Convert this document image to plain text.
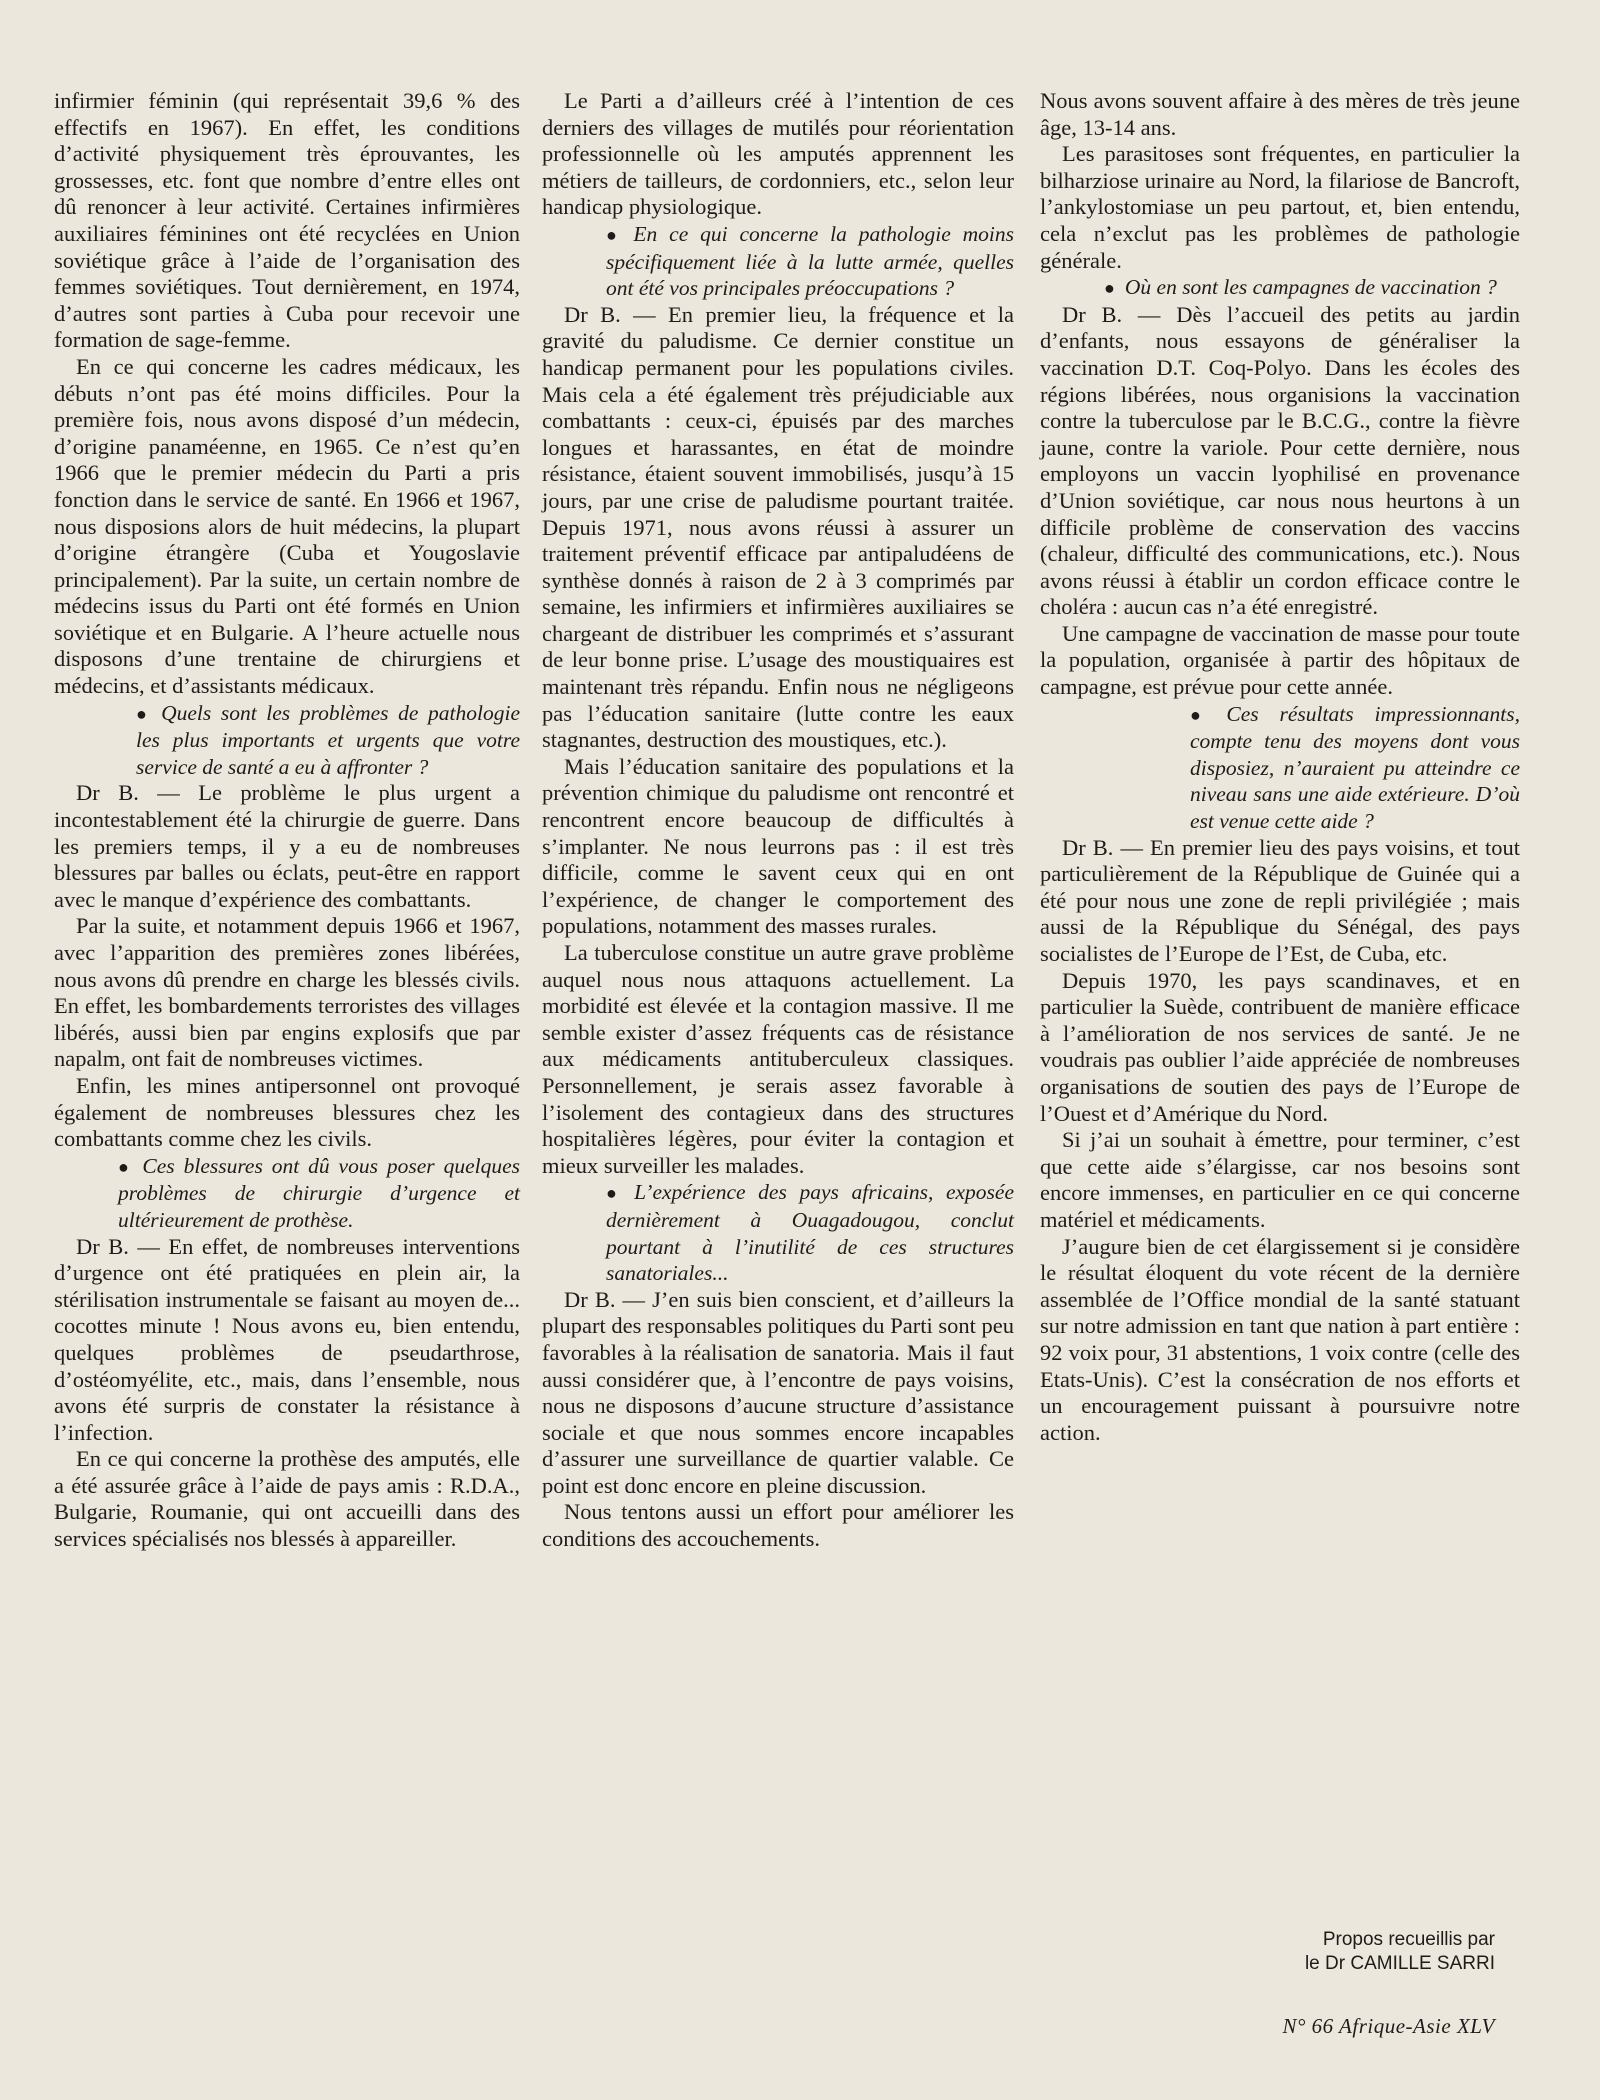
infirmier féminin (qui représentait 39,6 % des effectifs en 1967). En effet, les conditions d’activité physiquement très éprouvantes, les grossesses, etc. font que nombre d’entre elles ont dû renoncer à leur activité. Certaines infirmières auxiliaires féminines ont été recyclées en Union soviétique grâce à l’aide de l’organisation des femmes soviétiques. Tout dernièrement, en 1974, d’autres sont parties à Cuba pour recevoir une formation de sage-femme.

En ce qui concerne les cadres médicaux, les débuts n’ont pas été moins difficiles. Pour la première fois, nous avons disposé d’un médecin, d’origine panaméenne, en 1965. Ce n’est qu’en 1966 que le premier médecin du Parti a pris fonction dans le service de santé. En 1966 et 1967, nous disposions alors de huit médecins, la plupart d’origine étrangère (Cuba et Yougoslavie principalement). Par la suite, un certain nombre de médecins issus du Parti ont été formés en Union soviétique et en Bulgarie. A l’heure actuelle nous disposons d’une trentaine de chirurgiens et médecins, et d’assistants médicaux.

● Quels sont les problèmes de pathologie les plus importants et urgents que votre service de santé a eu à affronter ?

Dr B. — Le problème le plus urgent a incontestablement été la chirurgie de guerre. Dans les premiers temps, il y a eu de nombreuses blessures par balles ou éclats, peut-être en rapport avec le manque d’expérience des combattants.

Par la suite, et notamment depuis 1966 et 1967, avec l’apparition des premières zones libérées, nous avons dû prendre en charge les blessés civils. En effet, les bombardements terroristes des villages libérés, aussi bien par engins explosifs que par napalm, ont fait de nombreuses victimes.

Enfin, les mines antipersonnel ont provoqué également de nombreuses blessures chez les combattants comme chez les civils.

● Ces blessures ont dû vous poser quelques problèmes de chirurgie d’urgence et ultérieurement de prothèse.

Dr B. — En effet, de nombreuses interventions d’urgence ont été pratiquées en plein air, la stérilisation instrumentale se faisant au moyen de... cocottes minute ! Nous avons eu, bien entendu, quelques problèmes de pseudarthrose, d’ostéomyélite, etc., mais, dans l’ensemble, nous avons été surpris de constater la résistance à l’infection.

En ce qui concerne la prothèse des amputés, elle a été assurée grâce à l’aide de pays amis : R.D.A., Bulgarie, Roumanie, qui ont accueilli dans des services spécialisés nos blessés à appareiller.

Le Parti a d’ailleurs créé à l’intention de ces derniers des villages de mutilés pour réorientation professionnelle où les amputés apprennent les métiers de tailleurs, de cordonniers, etc., selon leur handicap physiologique.

● En ce qui concerne la pathologie moins spécifiquement liée à la lutte armée, quelles ont été vos principales préoccupations ?

Dr B. — En premier lieu, la fréquence et la gravité du paludisme. Ce dernier constitue un handicap permanent pour les populations civiles. Mais cela a été également très préjudiciable aux combattants : ceux-ci, épuisés par des marches longues et harassantes, en état de moindre résistance, étaient souvent immobilisés, jusqu’à 15 jours, par une crise de paludisme pourtant traitée. Depuis 1971, nous avons réussi à assurer un traitement préventif efficace par antipaludéens de synthèse donnés à raison de 2 à 3 comprimés par semaine, les infirmiers et infirmières auxiliaires se chargeant de distribuer les comprimés et s’assurant de leur bonne prise. L’usage des moustiquaires est maintenant très répandu. Enfin nous ne négligeons pas l’éducation sanitaire (lutte contre les eaux stagnantes, destruction des moustiques, etc.).

Mais l’éducation sanitaire des populations et la prévention chimique du paludisme ont rencontré et rencontrent encore beaucoup de difficultés à s’implanter. Ne nous leurrons pas : il est très difficile, comme le savent ceux qui en ont l’expérience, de changer le comportement des populations, notamment des masses rurales.

La tuberculose constitue un autre grave problème auquel nous nous attaquons actuellement. La morbidité est élevée et la contagion massive. Il me semble exister d’assez fréquents cas de résistance aux médicaments antituberculeux classiques. Personnellement, je serais assez favorable à l’isolement des contagieux dans des structures hospitalières légères, pour éviter la contagion et mieux surveiller les malades.

● L’expérience des pays africains, exposée dernièrement à Ouagadougou, conclut pourtant à l’inutilité de ces structures sanatoriales...

Dr B. — J’en suis bien conscient, et d’ailleurs la plupart des responsables politiques du Parti sont peu favorables à la réalisation de sanatoria. Mais il faut aussi considérer que, à l’encontre de pays voisins, nous ne disposons d’aucune structure d’assistance sociale et que nous sommes encore incapables d’assurer une surveillance de quartier valable. Ce point est donc encore en pleine discussion.

Nous tentons aussi un effort pour améliorer les conditions des accouchements.

Nous avons souvent affaire à des mères de très jeune âge, 13-14 ans.

Les parasitoses sont fréquentes, en particulier la bilharziose urinaire au Nord, la filariose de Bancroft, l’ankylostomiase un peu partout, et, bien entendu, cela n’exclut pas les problèmes de pathologie générale.

● Où en sont les campagnes de vaccination ?

Dr B. — Dès l’accueil des petits au jardin d’enfants, nous essayons de généraliser la vaccination D.T. Coq-Polyo. Dans les écoles des régions libérées, nous organisions la vaccination contre la tuberculose par le B.C.G., contre la fièvre jaune, contre la variole. Pour cette dernière, nous employons un vaccin lyophilisé en provenance d’Union soviétique, car nous nous heurtons à un difficile problème de conservation des vaccins (chaleur, difficulté des communications, etc.). Nous avons réussi à établir un cordon efficace contre le choléra : aucun cas n’a été enregistré.

Une campagne de vaccination de masse pour toute la population, organisée à partir des hôpitaux de campagne, est prévue pour cette année.

● Ces résultats impressionnants, compte tenu des moyens dont vous disposiez, n’auraient pu atteindre ce niveau sans une aide extérieure. D’où est venue cette aide ?

Dr B. — En premier lieu des pays voisins, et tout particulièrement de la République de Guinée qui a été pour nous une zone de repli privilégiée ; mais aussi de la République du Sénégal, des pays socialistes de l’Europe de l’Est, de Cuba, etc.

Depuis 1970, les pays scandinaves, et en particulier la Suède, contribuent de manière efficace à l’amélioration de nos services de santé. Je ne voudrais pas oublier l’aide appréciée de nombreuses organisations de soutien des pays de l’Europe de l’Ouest et d’Amérique du Nord.

Si j’ai un souhait à émettre, pour terminer, c’est que cette aide s’élargisse, car nos besoins sont encore immenses, en particulier en ce qui concerne matériel et médicaments.

J’augure bien de cet élargissement si je considère le résultat éloquent du vote récent de la dernière assemblée de l’Office mondial de la santé statuant sur notre admission en tant que nation à part entière : 92 voix pour, 31 abstentions, 1 voix contre (celle des Etats-Unis). C’est la consécration de nos efforts et un encouragement puissant à poursuivre notre action.

Propos recueillis par
le Dr CAMILLE SARRI
N° 66 Afrique-Asie XLV
